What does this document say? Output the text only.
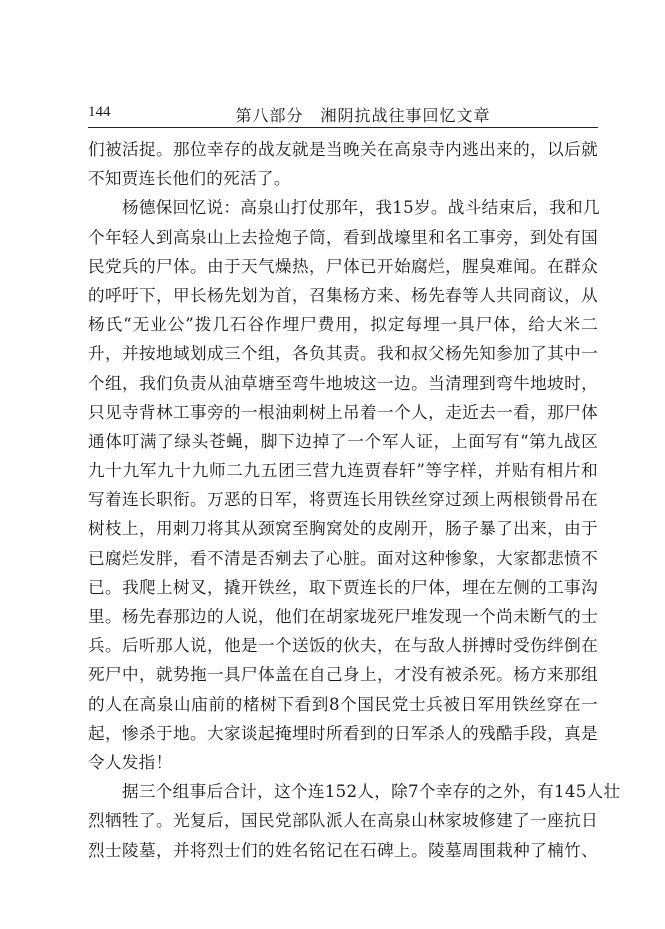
144	第八部分　湘阴抗战往事回忆文章
们被活捉。那位幸存的战友就是当晚关在高泉寺内逃出来的，以后就
不知贾连长他们的死活了。
杨德保回忆说：高泉山打仗那年，我15岁。战斗结束后，我和几
个年轻人到高泉山上去捡炮子筒，看到战壕里和名工事旁，到处有国
民党兵的尸体。由于天气燥热，尸体已开始腐烂，腥臭难闻。在群众
的呼吁下，甲长杨先划为首，召集杨方来、杨先春等人共同商议，从
杨氏“无业公”拨几石谷作埋尸费用，拟定每埋一具尸体，给大米二
升，并按地域划成三个组，各负其责。我和叔父杨先知参加了其中一
个组，我们负责从油草塘至弯牛地坡这一边。当清理到弯牛地坡时，
只见寺背林工事旁的一根油刺树上吊着一个人，走近去一看，那尸体
通体叮满了绿头苍蝇，脚下边掉了一个军人证，上面写有“第九战区
九十九军九十九师二九五团三营九连贾春轩”等字样，并贴有相片和
写着连长职衔。万恶的日军，将贾连长用铁丝穿过颈上两根锁骨吊在
树枝上，用刺刀将其从颈窝至胸窝处的皮剐开，肠子暴了出来，由于
已腐烂发胖，看不清是否剜去了心脏。面对这种惨象，大家都悲愤不
已。我爬上树叉，撬开铁丝，取下贾连长的尸体，埋在左侧的工事沟
里。杨先春那边的人说，他们在胡家垅死尸堆发现一个尚未断气的士
兵。后听那人说，他是一个送饭的伙夫，在与敌人拼搏时受伤绊倒在
死尸中，就势拖一具尸体盖在自己身上，才没有被杀死。杨方来那组
的人在高泉山庙前的楮树下看到8个国民党士兵被日军用铁丝穿在一
起，惨杀于地。大家谈起掩埋时所看到的日军杀人的残酷手段，真是
令人发指！
据三个组事后合计，这个连152人，除7个幸存的之外，有145人壮
烈牺牲了。光复后，国民党部队派人在高泉山林家坡修建了一座抗日
烈士陵墓，并将烈士们的姓名铭记在石碑上。陵墓周围栽种了楠竹、
